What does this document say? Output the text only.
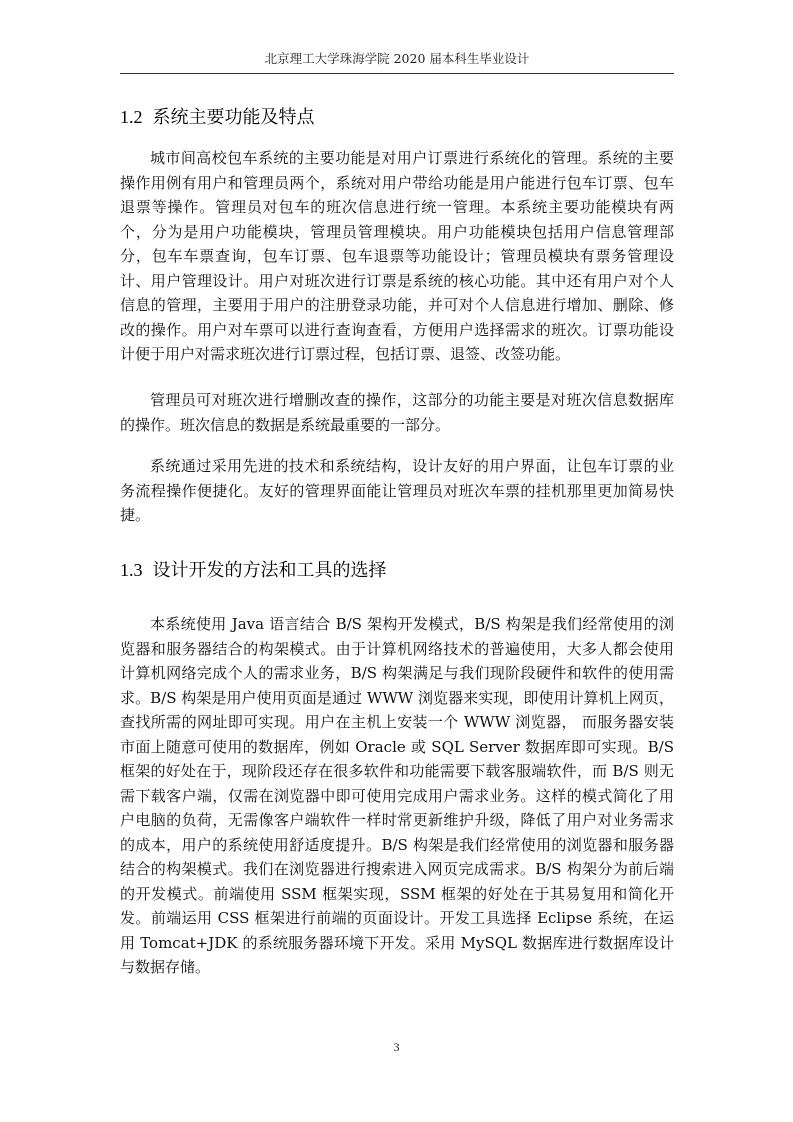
北京理工大学珠海学院 2020 届本科生毕业设计
1.2 系统主要功能及特点

城市间高校包车系统的主要功能是对用户订票进行系统化的管理。系统的主要操作用例有用户和管理员两个，系统对用户带给功能是用户能进行包车订票、包车退票等操作。管理员对包车的班次信息进行统一管理。本系统主要功能模块有两个，分为是用户功能模块，管理员管理模块。用户功能模块包括用户信息管理部分，包车车票查询，包车订票、包车退票等功能设计；管理员模块有票务管理设计、用户管理设计。用户对班次进行订票是系统的核心功能。其中还有用户对个人信息的管理，主要用于用户的注册登录功能，并可对个人信息进行增加、删除、修改的操作。用户对车票可以进行查询查看，方便用户选择需求的班次。订票功能设计便于用户对需求班次进行订票过程，包括订票、退签、改签功能。

管理员可对班次进行增删改查的操作，这部分的功能主要是对班次信息数据库的操作。班次信息的数据是系统最重要的一部分。

系统通过采用先进的技术和系统结构，设计友好的用户界面，让包车订票的业务流程操作便捷化。友好的管理界面能让管理员对班次车票的挂机那里更加简易快捷。

1.3 设计开发的方法和工具的选择

本系统使用 Java 语言结合 B/S 架构开发模式，B/S 构架是我们经常使用的浏览器和服务器结合的构架模式。由于计算机网络技术的普遍使用，大多人都会使用计算机网络完成个人的需求业务，B/S 构架满足与我们现阶段硬件和软件的使用需求。B/S 构架是用户使用页面是通过 WWW 浏览器来实现，即使用计算机上网页，查找所需的网址即可实现。用户在主机上安装一个 WWW 浏览器， 而服务器安装市面上随意可使用的数据库，例如 Oracle 或 SQL Server 数据库即可实现。B/S 框架的好处在于，现阶段还存在很多软件和功能需要下载客服端软件，而 B/S 则无需下载客户端，仅需在浏览器中即可使用完成用户需求业务。这样的模式简化了用户电脑的负荷，无需像客户端软件一样时常更新维护升级，降低了用户对业务需求的成本，用户的系统使用舒适度提升。B/S 构架是我们经常使用的浏览器和服务器结合的构架模式。我们在浏览器进行搜索进入网页完成需求。B/S 构架分为前后端的开发模式。前端使用 SSM 框架实现，SSM 框架的好处在于其易复用和简化开发。前端运用 CSS 框架进行前端的页面设计。开发工具选择 Eclipse 系统，在运用 Tomcat+JDK 的系统服务器环境下开发。采用 MySQL 数据库进行数据库设计与数据存储。

3
